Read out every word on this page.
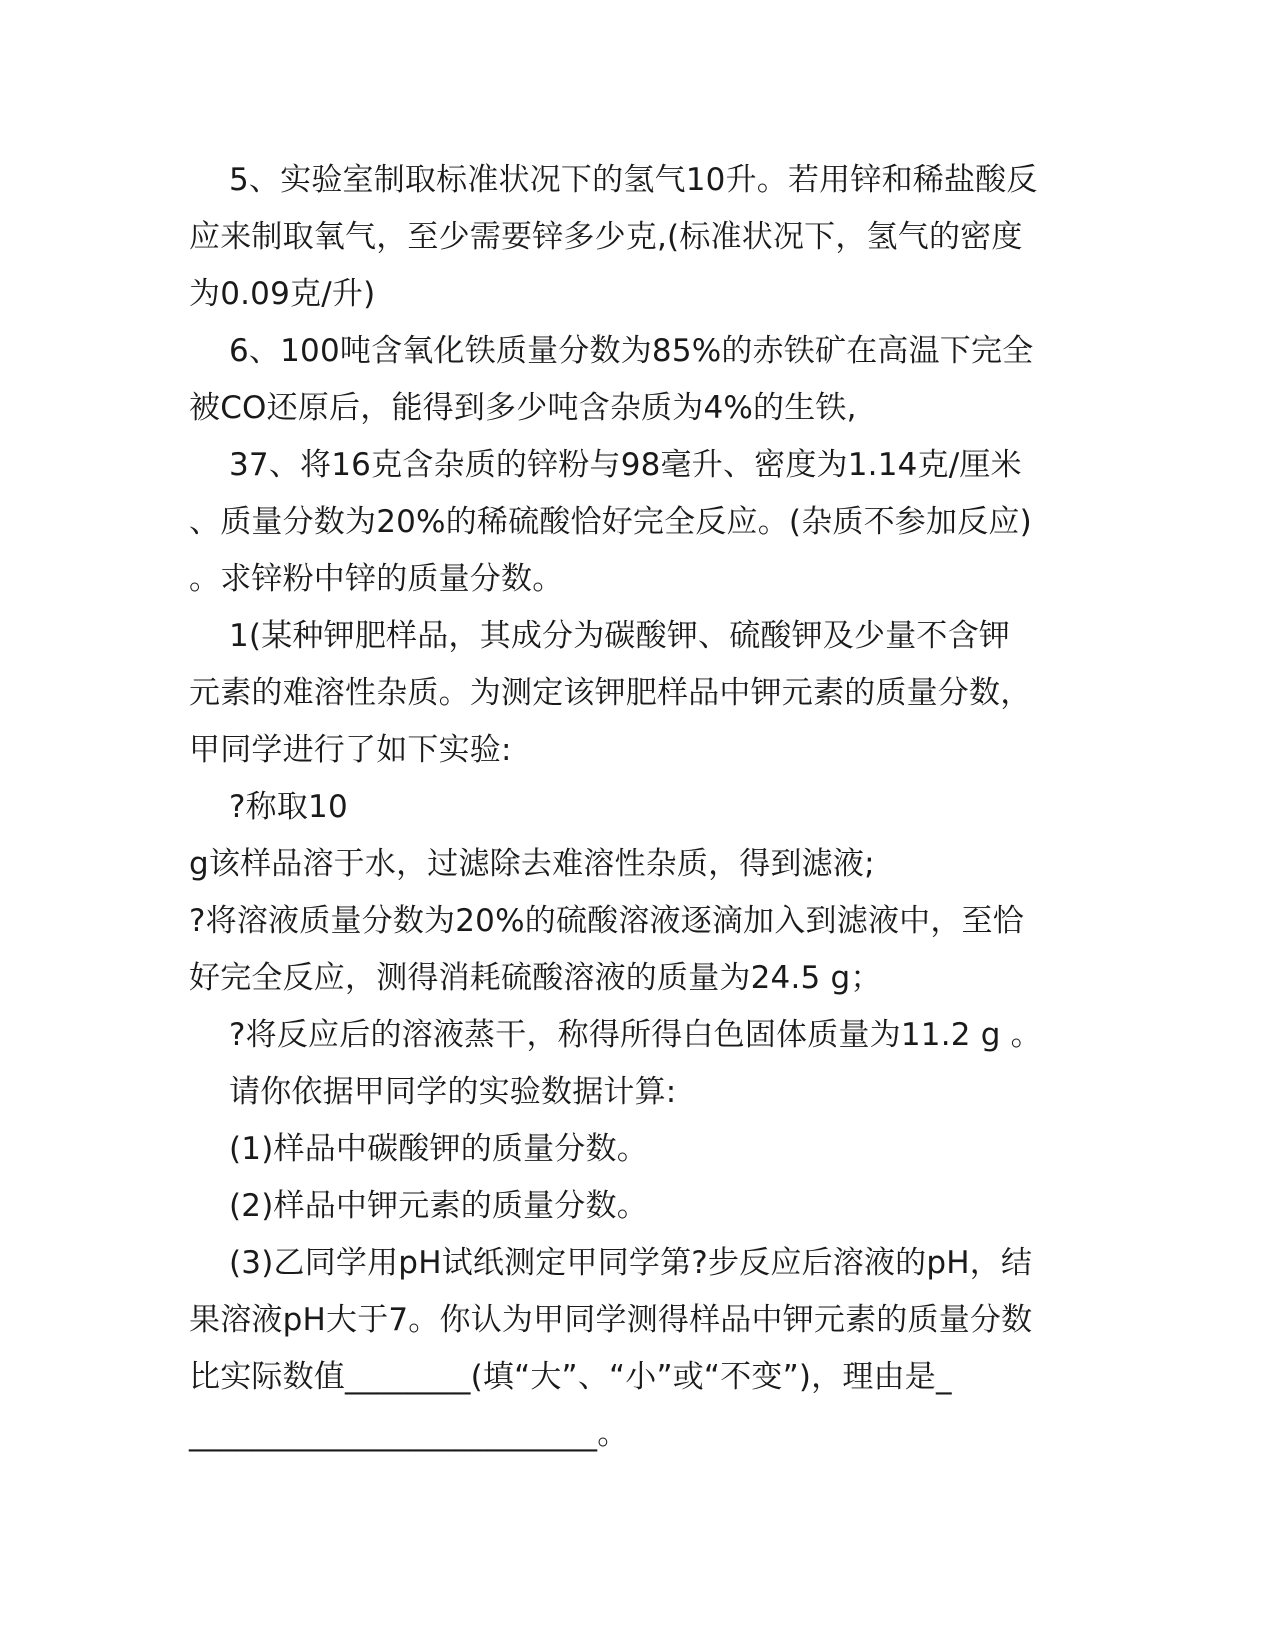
5、实验室制取标准状况下的氢气10升。若用锌和稀盐酸反
应来制取氧气，至少需要锌多少克,(标准状况下，氢气的密度
为0.09克/升)
6、100吨含氧化铁质量分数为85%的赤铁矿在高温下完全
被CO还原后，能得到多少吨含杂质为4%的生铁,
37、将16克含杂质的锌粉与98毫升、密度为1.14克/厘米
、质量分数为20%的稀硫酸恰好完全反应。(杂质不参加反应)
。求锌粉中锌的质量分数。
1(某种钾肥样品，其成分为碳酸钾、硫酸钾及少量不含钾
元素的难溶性杂质。为测定该钾肥样品中钾元素的质量分数，
甲同学进行了如下实验:
?称取10
g该样品溶于水，过滤除去难溶性杂质，得到滤液;
?将溶液质量分数为20%的硫酸溶液逐滴加入到滤液中，至恰
好完全反应，测得消耗硫酸溶液的质量为24.5 g；
?将反应后的溶液蒸干，称得所得白色固体质量为11.2 g 。
请你依据甲同学的实验数据计算:
(1)样品中碳酸钾的质量分数。
(2)样品中钾元素的质量分数。
(3)乙同学用pH试纸测定甲同学第?步反应后溶液的pH，结
果溶液pH大于7。你认为甲同学测得样品中钾元素的质量分数
比实际数值________(填“大”、“小”或“不变”)，理由是_
__________________________。
